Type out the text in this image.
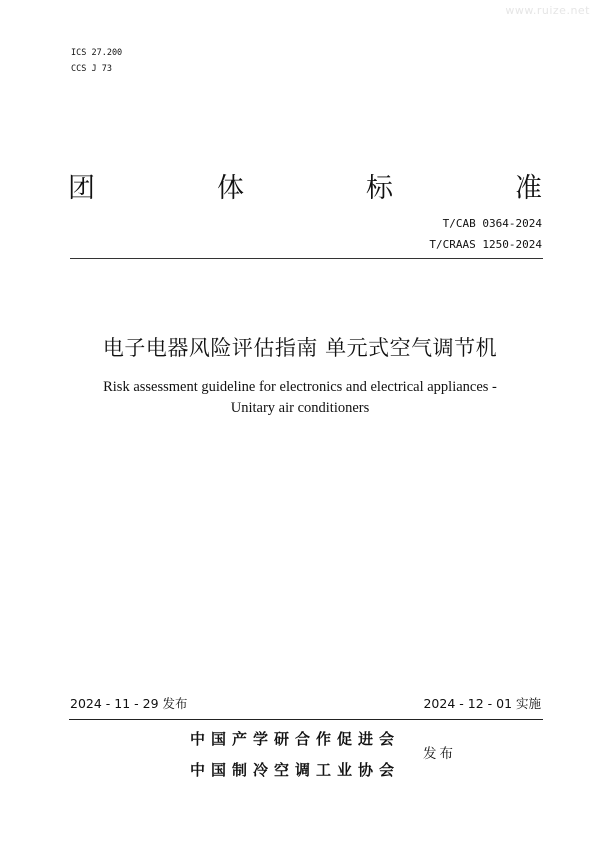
www.ruize.net
ICS 27.200
CCS J 73
团	体	标	准
T/CAB 0364-2024
T/CRAAS 1250-2024
电子电器风险评估指南 单元式空气调节机
Risk assessment guideline for electronics and electrical appliances - Unitary air conditioners
2024 - 11 - 29 发布	2024 - 12 - 01 实施
中国产学研合作促进会
中国制冷空调工业协会
发布
